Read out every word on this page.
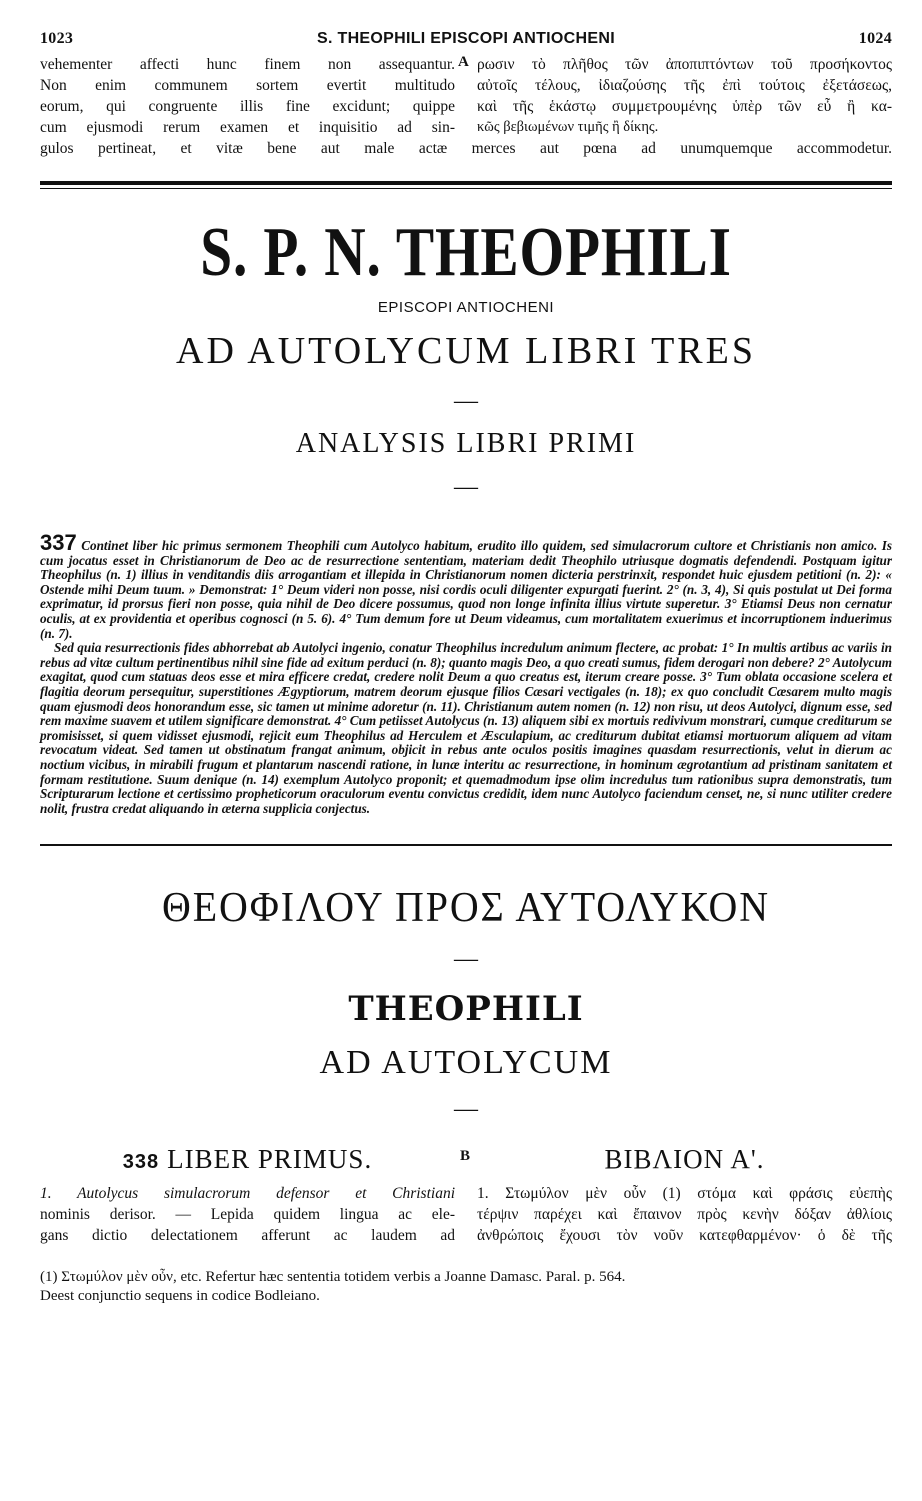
1023	S. THEOPHILI EPISCOPI ANTIOCHENI	1024
vehementer affecti hunc finem non assequantur.
Non enim communem sortem evertit multitudo
eorum, qui congruente illis fine excidunt; quippe
cum ejusmodi rerum examen et inquisitio ad sin-
A ρωσιν τὸ πλῆθος τῶν ἀποπιπτόντων τοῦ προσήκοντος
αὐτοῖς τέλους, ἰδιαζούσης τῆς ἐπὶ τούτοις ἐξετάσεως,
καὶ τῆς ἑκάστῳ συμμετρουμένης ὑπὲρ τῶν εὖ ἢ κα-
κῶς βεβιωμένων τιμῆς ἢ δίκης.
gulos pertineat, et vitæ bene aut male actæ merces aut pœna ad unumquemque accommodetur.
S. P. N. THEOPHILI
EPISCOPI ANTIOCHENI
AD AUTOLYCUM LIBRI TRES
—
ANALYSIS LIBRI PRIMI
—

337 Continet liber hic primus sermonem Theophili cum Autolyco habitum, erudito illo quidem, sed simulacrorum cultore et Christianis non amico. Is cum jocatus esset in Christianorum de Deo ac de resurrectione sententiam, materiam dedit Theophilo utriusque dogmatis defendendi. Postquam igitur Theophilus (n. 1) illius in venditandis diis arrogantiam et illepida in Christianorum nomen dicteria perstrinxit, respondet huic ejusdem petitioni (n. 2): « Ostende mihi Deum tuum. » Demonstrat: 1° Deum videri non posse, nisi cordis oculi diligenter expurgati fuerint. 2° (n. 3, 4), Si quis postulat ut Dei forma exprimatur, id prorsus fieri non posse, quia nihil de Deo dicere possumus, quod non longe infinita illius virtute superetur. 3° Etiamsi Deus non cernatur oculis, at ex providentia et operibus cognosci (n 5. 6). 4° Tum demum fore ut Deum videamus, cum mortalitatem exuerimus et incorruptionem induerimus (n. 7).

Sed quia resurrectionis fides abhorrebat ab Autolyci ingenio, conatur Theophilus incredulum animum flectere, ac probat: 1° In multis artibus ac variis in rebus ad vitæ cultum pertinentibus nihil sine fide ad exitum perduci (n. 8); quanto magis Deo, a quo creati sumus, fidem derogari non debere? 2° Autolycum exagitat, quod cum statuas deos esse et mira efficere credat, credere nolit Deum a quo creatus est, iterum creare posse. 3° Tum oblata occasione scelera et flagitia deorum persequitur, superstitiones Ægyptiorum, matrem deorum ejusque filios Cæsari vectigales (n. 18); ex quo concludit Cæsarem multo magis quam ejusmodi deos honorandum esse, sic tamen ut minime adoretur (n. 11). Christianum autem nomen (n. 12) non risu, ut deos Autolyci, dignum esse, sed rem maxime suavem et utilem significare demonstrat. 4° Cum petiisset Autolycus (n. 13) aliquem sibi ex mortuis redivivum monstrari, cumque crediturum se promisisset, si quem vidisset ejusmodi, rejicit eum Theophilus ad Herculem et Æsculapium, ac crediturum dubitat etiamsi mortuorum aliquem ad vitam revocatum videat. Sed tamen ut obstinatum frangat animum, objicit in rebus ante oculos positis imagines quasdam resurrectionis, velut in dierum ac noctium vicibus, in mirabili frugum et plantarum nascendi ratione, in lunæ interitu ac resurrectione, in hominum ægrotantium ad pristinam sanitatem et formam restitutione. Suum denique (n. 14) exemplum Autolyco proponit; et quemadmodum ipse olim incredulus tum rationibus supra demonstratis, tum Scripturarum lectione et certissimo propheticorum oraculorum eventu convictus credidit, idem nunc Autolyco faciendum censet, ne, si nunc utiliter credere nolit, frustra credat aliquando in æterna supplicia conjectus.

ΘΕΟΦΙΛΟΥ ΠΡΟΣ ΑΥΤΟΛΥΚΟΝ
—
THEOPHILI
AD AUTOLYCUM
—
338 LIBER PRIMUS.	B	ΒΙΒΛΙΟΝ Α'.
1. Autolycus simulacrorum defensor et Christiani
nominis derisor. — Lepida quidem lingua ac ele-
gans dictio delectationem afferunt ac laudem ad
1. Στωμύλον μὲν οὖν (1) στόμα καὶ φράσις εὐεπὴς
τέρψιν παρέχει καὶ ἔπαινον πρὸς κενὴν δόξαν ἀθλίοις
ἀνθρώποις ἔχουσι τὸν νοῦν κατεφθαρμένον· ὁ δὲ τῆς
(1) Στωμύλον μὲν οὖν, etc. Refertur hæc sententia totidem verbis a Joanne Damasc. Paral. p. 564.
Deest conjunctio sequens in codice Bodleiano.
